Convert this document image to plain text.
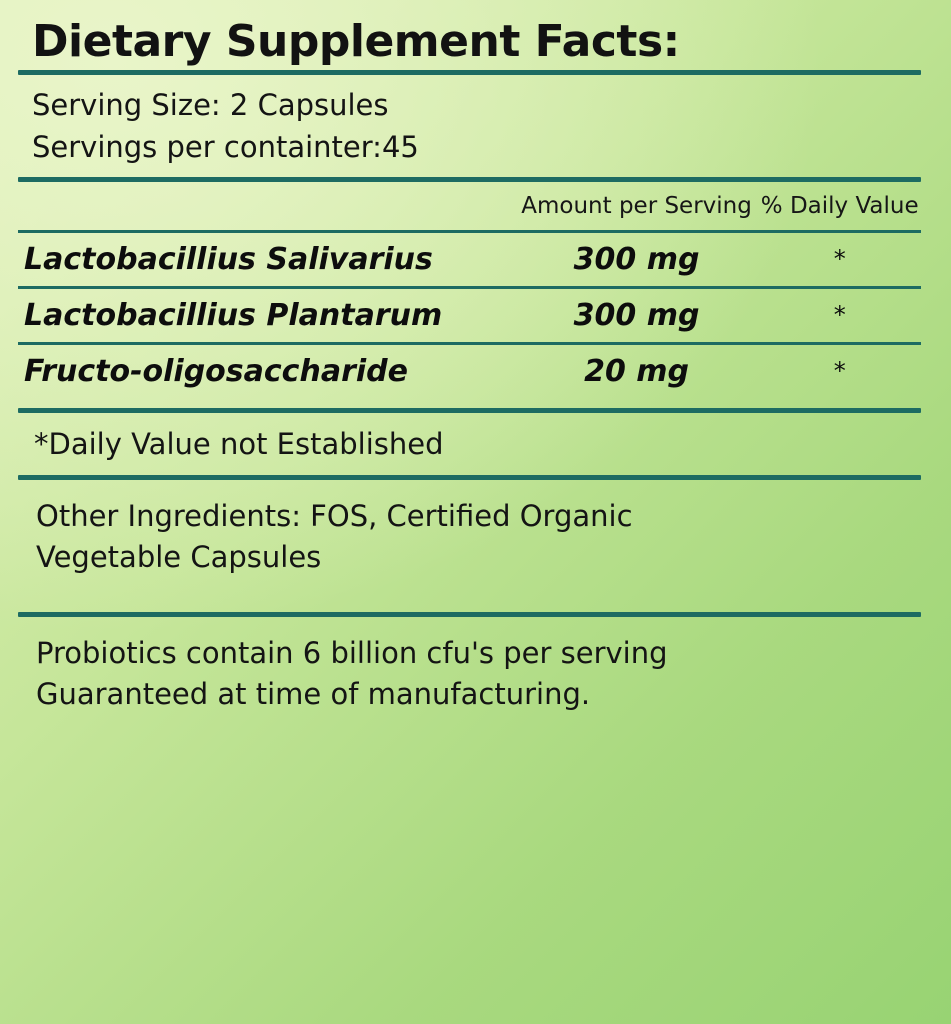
Dietary Supplement Facts:
Serving Size: 2 Capsules
Servings per containter:45
	Amount per Serving	% Daily Value

Lactobacillius Salivarius	300 mg	*

Lactobacillius Plantarum	300 mg	*

Fructo-oligosaccharide	20 mg	*
*Daily Value not Established
Other Ingredients: FOS, Certified Organic
Vegetable Capsules
Probiotics contain 6 billion cfu's per serving
Guaranteed at time of manufacturing.
